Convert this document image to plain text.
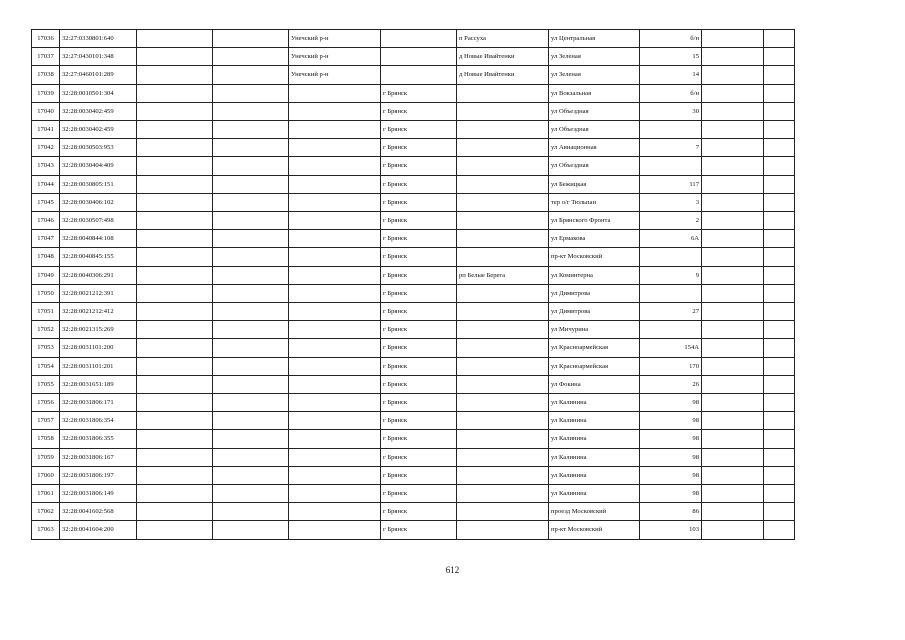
17036	32:27:0330801:640			Унечский р-н		п Рассуха	ул Центральная	б/н		
17037	32:27:0430101:348			Унечский р-н		д Новые Ивайтенки	ул Зеленая	15		
17038	32:27:0460101:289			Унечский р-н		д Новые Ивайтенки	ул Зеленая	14		
17039	32:28:0010501:304				г Брянск		ул Вокзальная	б/н		
17040	32:28:0030402:459				г Брянск		ул Объездная	30		
17041	32:28:0030402:459				г Брянск		ул Объездная			
17042	32:28:0030503:953				г Брянск		ул Авиационная	7		
17043	32:28:0030404:409				г Брянск		ул Объездная			
17044	32:28:0030805:151				г Брянск		ул Бежицкая	117		
17045	32:28:0030406:102				г Брянск		тер о/г Тюльпан	3		
17046	32:28:0030507:498				г Брянск		ул Брянского Фронта	2		
17047	32:28:0040844:108				г Брянск		ул Ермакова	6А		
17048	32:28:0040845:155				г Брянск		пр-кт Московский			
17049	32:28:0040306:291				г Брянск	рп Белые Берега	ул Коминтерна	9		
17050	32:28:0021212:391				г Брянск		ул Димитрова			
17051	32:28:0021212:412				г Брянск		ул Димитрова	27		
17052	32:28:0021315:269				г Брянск		ул Мичурина			
17053	32:28:0031101:200				г Брянск		ул Красноармейская	154А		
17054	32:28:0031101:201				г Брянск		ул Красноармейская	170		
17055	32:28:0031651:189				г Брянск		ул Фокина	26		
17056	32:28:0031806:171				г Брянск		ул Калинина	98		
17057	32:28:0031806:354				г Брянск		ул Калинина	98		
17058	32:28:0031806:355				г Брянск		ул Калинина	98		
17059	32:28:0031806:167				г Брянск		ул Калинина	98		
17060	32:28:0031806:197				г Брянск		ул Калинина	98		
17061	32:28:0031806:149				г Брянск		ул Калинина	98		
17062	32:28:0041602:568				г Брянск		проезд Московский	86		
17063	32:28:0041604:200				г Брянск		пр-кт Московский	103		
612
